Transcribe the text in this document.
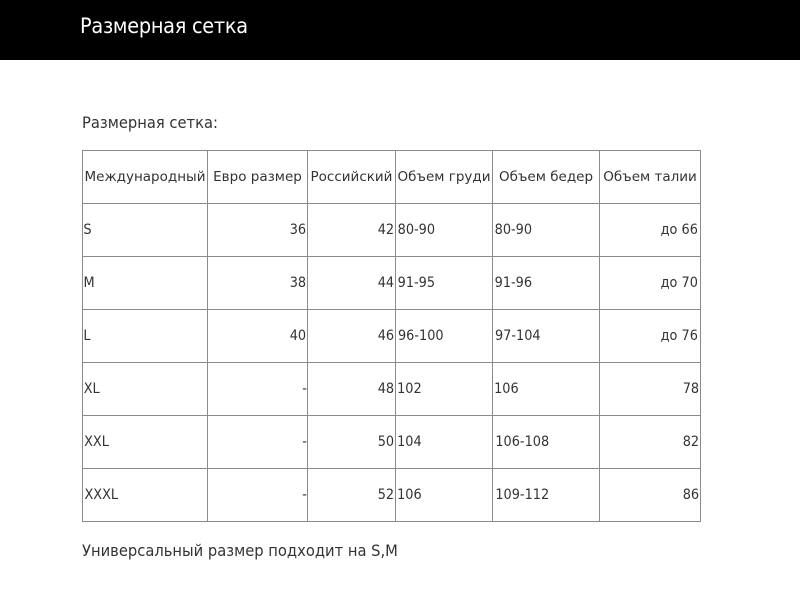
Размерная сетка
Размерная сетка:
Международный	Евро размер	Российский	Объем груди	Объем бедер	Объем талии
S	36	42	80-90	80-90	до 66
M	38	44	91-95	91-96	до 70
L	40	46	96-100	97-104	до 76
XL	-	48	102	106	78
XXL	-	50	104	106-108	82
XXXL	-	52	106	109-112	86
Универсальный размер подходит на S,M
